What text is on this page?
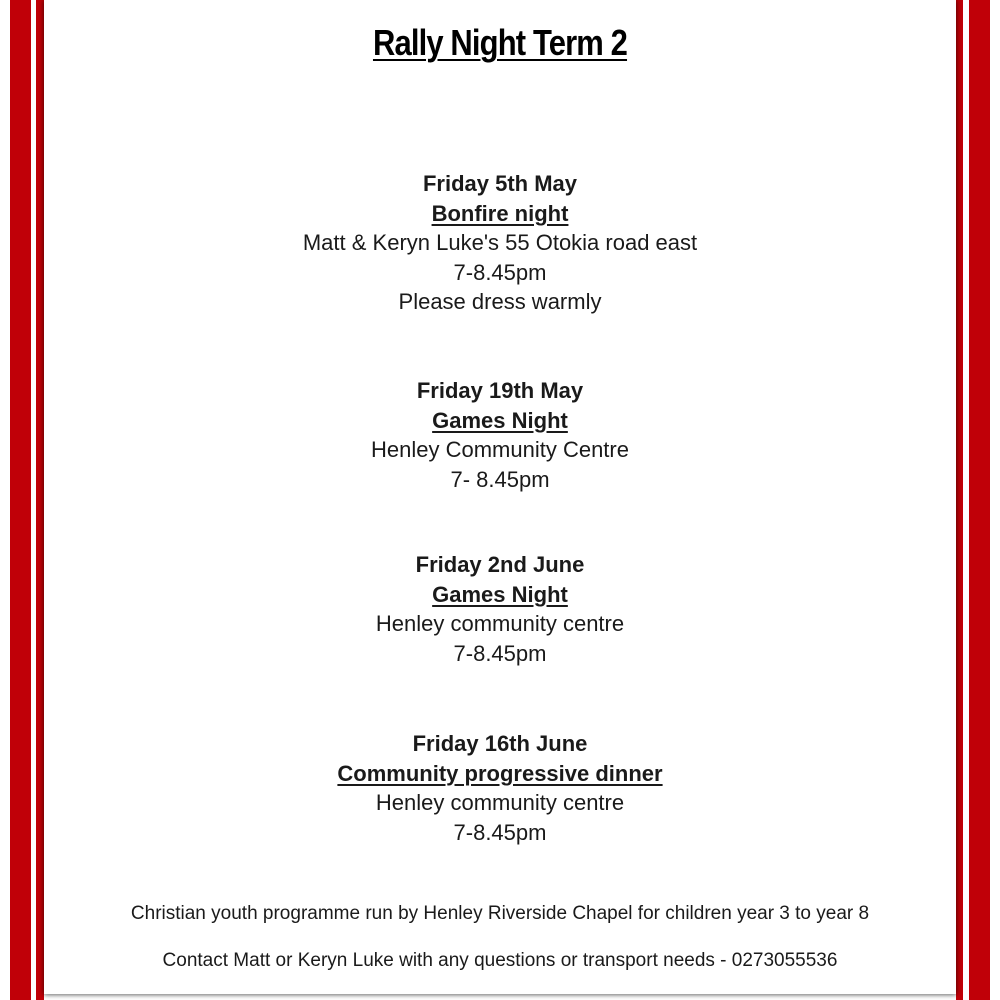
Rally Night Term 2
Friday 5th May
Bonfire night
Matt & Keryn Luke's 55 Otokia road east
7-8.45pm
Please dress warmly
Friday 19th May
Games Night
Henley Community Centre
7- 8.45pm
Friday 2nd June
Games Night
Henley community centre
7-8.45pm
Friday 16th June
Community progressive dinner
Henley community centre
7-8.45pm
Christian youth programme run by Henley Riverside Chapel for children year 3 to year 8
Contact Matt or Keryn Luke with any questions or transport needs - 0273055536
